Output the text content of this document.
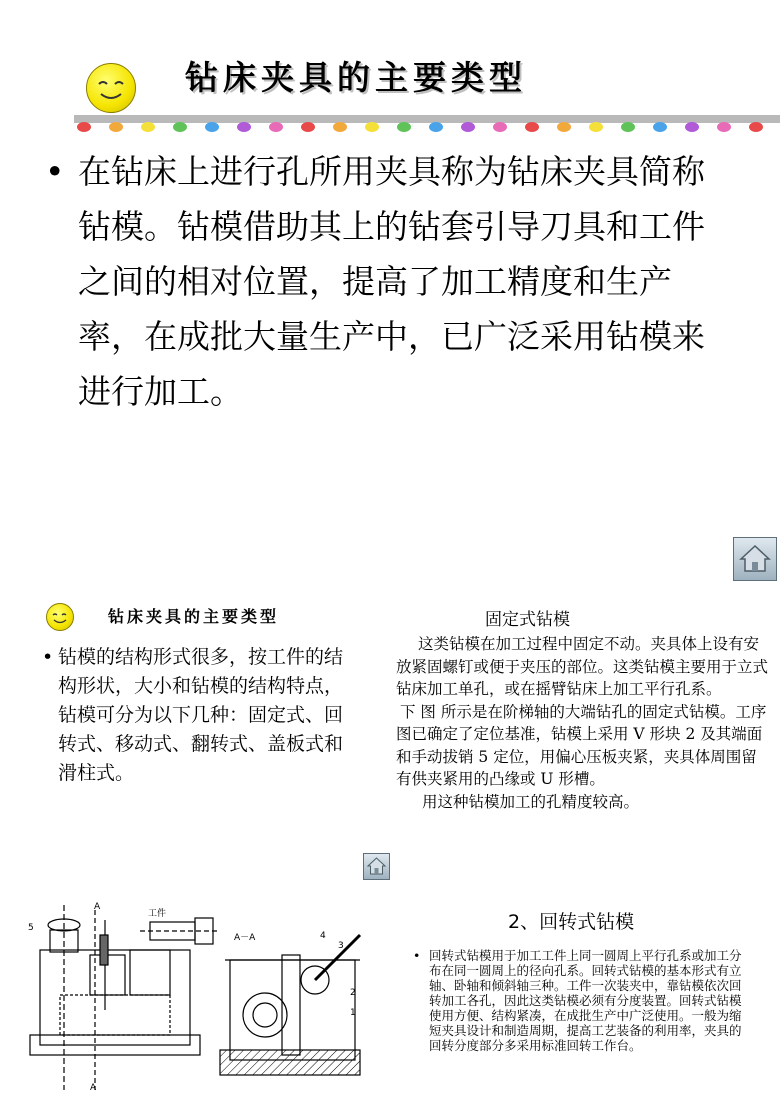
钻床夹具的主要类型
• 在钻床上进行孔所用夹具称为钻床夹具简称钻模。钻模借助其上的钻套引导刀具和工件之间的相对位置，提高了加工精度和生产率，在成批大量生产中，已广泛采用钻模来进行加工。
钻床夹具的主要类型
• 钻模的结构形式很多，按工件的结构形状，大小和钻模的结构特点，钻模可分为以下几种：固定式、回转式、移动式、翻转式、盖板式和滑柱式。
固定式钻模
这类钻模在加工过程中固定不动。夹具体上设有安放紧固螺钉或便于夹压的部位。这类钻模主要用于立式钻床加工单孔，或在摇臂钻床上加工平行孔系。
下 图 所示是在阶梯轴的大端钻孔的固定式钻模。工序图已确定了定位基准，钻模上采用 V 形块 2 及其端面 和手动拔销 5 定位，用偏心压板夹紧，夹具体周围留有供夹紧用的凸缘或 U 形槽。
用这种钻模加工的孔精度较高。
A
工件
A－A
A
5
4
3
2
1
2、回转式钻模
• 回转式钻模用于加工工件上同一圆周上平行孔系或加工分布在同一圆周上的径向孔系。回转式钻模的基本形式有立轴、卧轴和倾斜轴三种。工件一次装夹中，靠钻模依次回转加工各孔，因此这类钻模必须有分度装置。回转式钻模使用方便、结构紧凑，在成批生产中广泛使用。一般为缩短夹具设计和制造周期，提高工艺装备的利用率，夹具的回转分度部分多采用标准回转工作台。
